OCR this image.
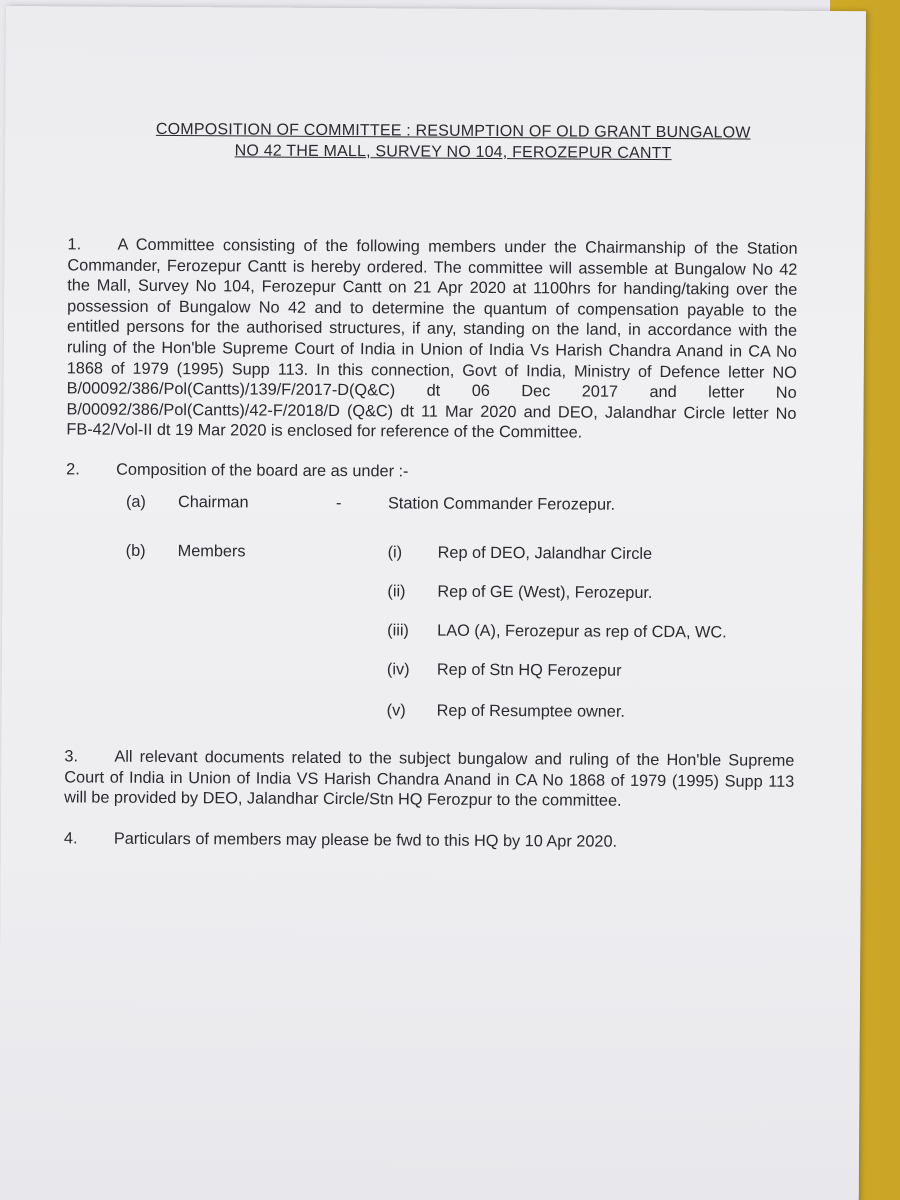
COMPOSITION OF COMMITTEE : RESUMPTION OF OLD GRANT BUNGALOW
NO 42 THE MALL, SURVEY NO 104, FEROZEPUR CANTT

1. A Committee consisting of the following members under the Chairmanship of the Station Commander, Ferozepur Cantt is hereby ordered. The committee will assemble at Bungalow No 42 the Mall, Survey No 104, Ferozepur Cantt on 21 Apr 2020 at 1100hrs for handing/taking over the possession of Bungalow No 42 and to determine the quantum of compensation payable to the entitled persons for the authorised structures, if any, standing on the land, in accordance with the ruling of the Hon'ble Supreme Court of India in Union of India Vs Harish Chandra Anand in CA No 1868 of 1979 (1995) Supp 113. In this connection, Govt of India, Ministry of Defence letter NO B/00092/386/Pol(Cantts)/139/F/2017-D(Q&C) dt 06 Dec 2017 and letter No B/00092/386/Pol(Cantts)/42-F/2018/D (Q&C) dt 11 Mar 2020 and DEO, Jalandhar Circle letter No FB-42/Vol-II dt 19 Mar 2020 is enclosed for reference of the Committee.

2. Composition of the board are as under :-
(a) Chairman	-	Station Commander Ferozepur.
(b) Members	(i) Rep of DEO, Jalandhar Circle
(ii) Rep of GE (West), Ferozepur.
(iii) LAO (A), Ferozepur as rep of CDA, WC.
(iv) Rep of Stn HQ Ferozepur
(v) Rep of Resumptee owner.

3. All relevant documents related to the subject bungalow and ruling of the Hon'ble Supreme Court of India in Union of India VS Harish Chandra Anand in CA No 1868 of 1979 (1995) Supp 113 will be provided by DEO, Jalandhar Circle/Stn HQ Ferozpur to the committee.

4. Particulars of members may please be fwd to this HQ by 10 Apr 2020.
